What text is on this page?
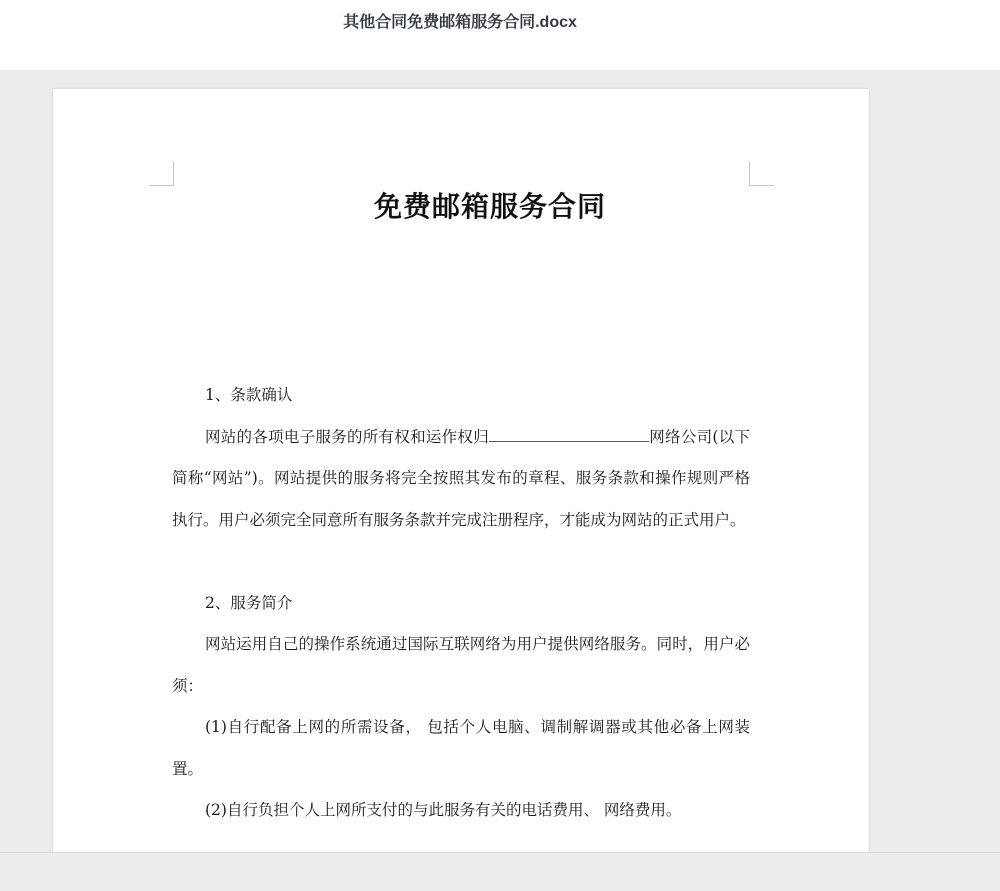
其他合同免费邮箱服务合同.docx
免费邮箱服务合同

1、条款确认

网站的各项电子服务的所有权和运作权归	网络公司(以下简称“网站”)。网站提供的服务将完全按照其发布的章程、服务条款和操作规则严格执行。用户必须完全同意所有服务条款并完成注册程序，才能成为网站的正式用户。

2、服务简介

网站运用自己的操作系统通过国际互联网络为用户提供网络服务。同时，用户必须：

(1)自行配备上网的所需设备， 包括个人电脑、调制解调器或其他必备上网装置。

(2)自行负担个人上网所支付的与此服务有关的电话费用、 网络费用。
